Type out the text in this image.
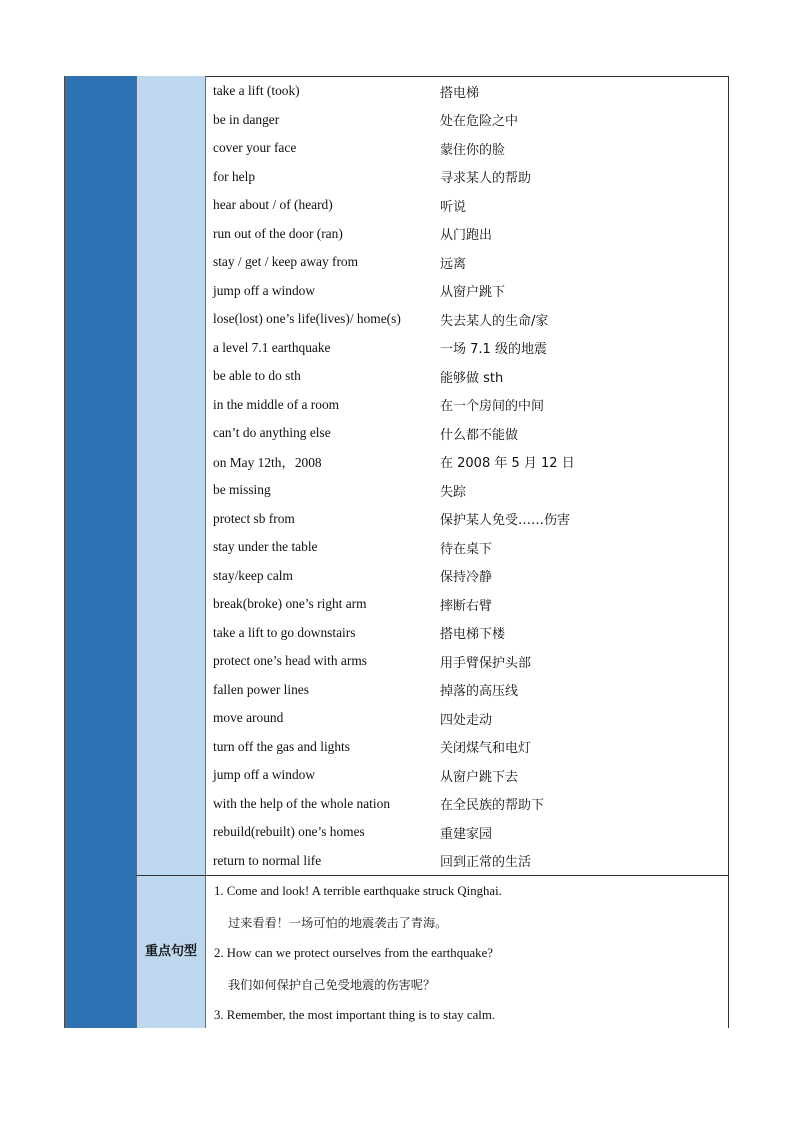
take a lift (took)	搭电梯
be in danger	处在危险之中
cover your face	蒙住你的脸
for help	寻求某人的帮助
hear about / of (heard)	听说
run out of the door (ran)	从门跑出
stay / get / keep away from	远离
jump off a window	从窗户跳下
lose(lost) one’s life(lives)/ home(s)	失去某人的生命/家
a level 7.1 earthquake	一场 7.1 级的地震
be able to do sth	能够做 sth
in the middle of a room	在一个房间的中间
can’t do anything else	什么都不能做
on May 12th，2008	在 2008 年 5 月 12 日
be missing	失踪
protect sb from	保护某人免受……伤害
stay under the table	待在桌下
stay/keep calm	保持冷静
break(broke) one’s right arm	摔断右臂
take a lift to go downstairs	搭电梯下楼
protect one’s head with arms	用手臂保护头部
fallen power lines	掉落的高压线
move around	四处走动
turn off the gas and lights	关闭煤气和电灯
jump off a window	从窗户跳下去
with the help of the whole nation	在全民族的帮助下
rebuild(rebuilt) one’s homes	重建家园
return to normal life	回到正常的生活
重点句型
1. Come and look! A terrible earthquake struck Qinghai.
过来看看！一场可怕的地震袭击了青海。
2. How can we protect ourselves from the earthquake?
我们如何保护自己免受地震的伤害呢？
3. Remember, the most important thing is to stay calm.
